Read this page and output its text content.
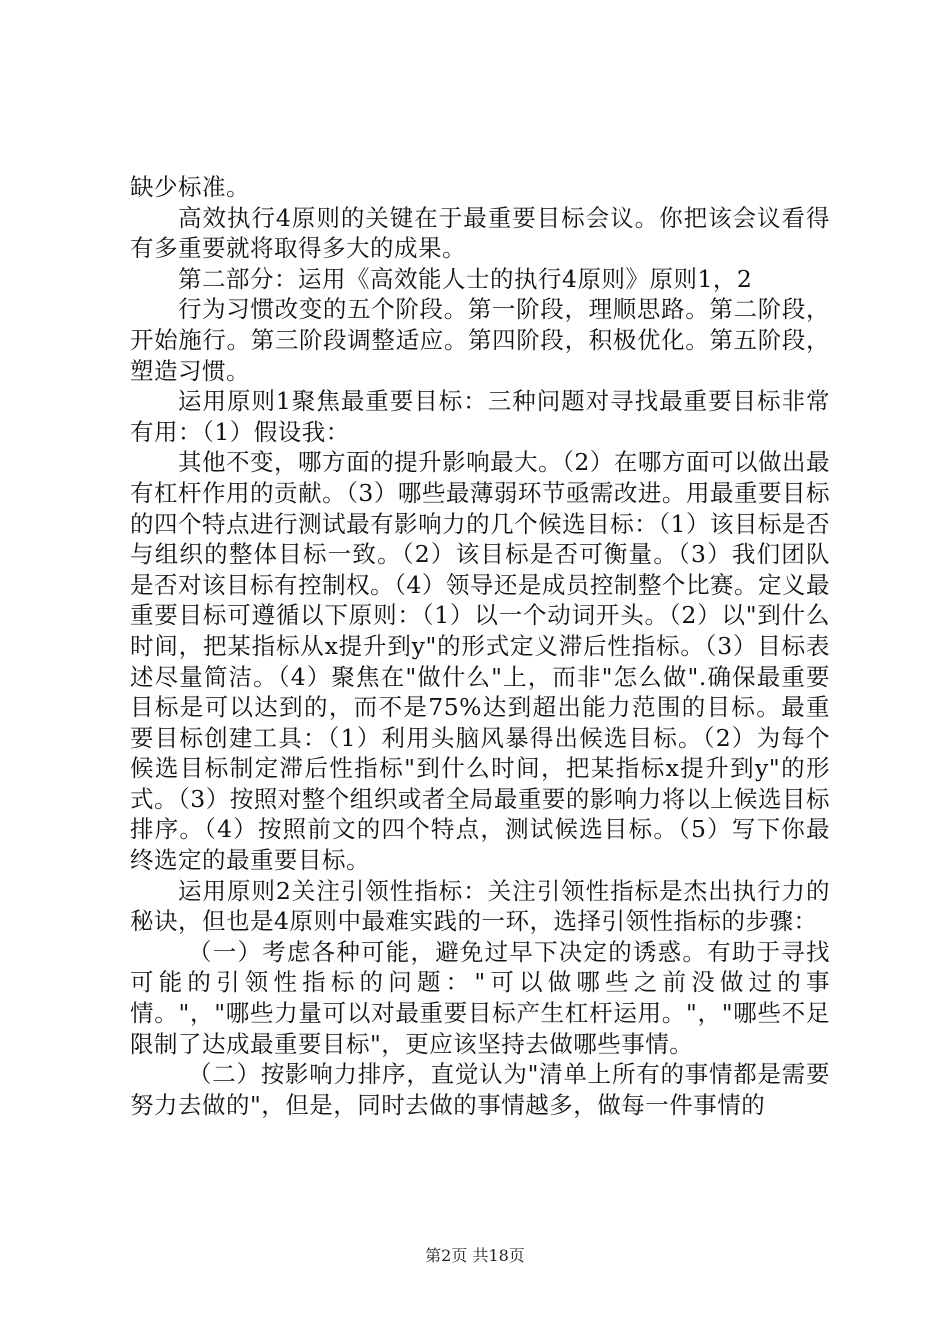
缺少标准。

高效执行4原则的关键在于最重要目标会议。你把该会议看得有多重要就将取得多大的成果。

第二部分：运用《高效能人士的执行4原则》原则1，2

行为习惯改变的五个阶段。第一阶段，理顺思路。第二阶段，开始施行。第三阶段调整适应。第四阶段，积极优化。第五阶段，塑造习惯。

运用原则1聚焦最重要目标：三种问题对寻找最重要目标非常有用：（1）假设我：

其他不变，哪方面的提升影响最大。（2）在哪方面可以做出最有杠杆作用的贡献。（3）哪些最薄弱环节亟需改进。用最重要目标的四个特点进行测试最有影响力的几个候选目标：（1）该目标是否与组织的整体目标一致。（2）该目标是否可衡量。（3）我们团队是否对该目标有控制权。（4）领导还是成员控制整个比赛。定义最重要目标可遵循以下原则：（1）以一个动词开头。（2）以"到什么时间，把某指标从x提升到y"的形式定义滞后性指标。（3）目标表述尽量简洁。（4）聚焦在"做什么"上，而非"怎么做".确保最重要目标是可以达到的，而不是75%达到超出能力范围的目标。最重要目标创建工具：（1）利用头脑风暴得出候选目标。（2）为每个候选目标制定滞后性指标"到什么时间，把某指标x提升到y"的形式。（3）按照对整个组织或者全局最重要的影响力将以上候选目标排序。（4）按照前文的四个特点，测试候选目标。（5）写下你最终选定的最重要目标。

运用原则2关注引领性指标：关注引领性指标是杰出执行力的秘诀，但也是4原则中最难实践的一环，选择引领性指标的步骤：

（一）考虑各种可能，避免过早下决定的诱惑。有助于寻找可能的引领性指标的问题："可以做哪些之前没做过的事情。"，"哪些力量可以对最重要目标产生杠杆运用。"，"哪些不足限制了达成最重要目标"，更应该坚持去做哪些事情。

（二）按影响力排序，直觉认为"清单上所有的事情都是需要努力去做的"，但是，同时去做的事情越多，做每一件事情的

第2页 共18页
